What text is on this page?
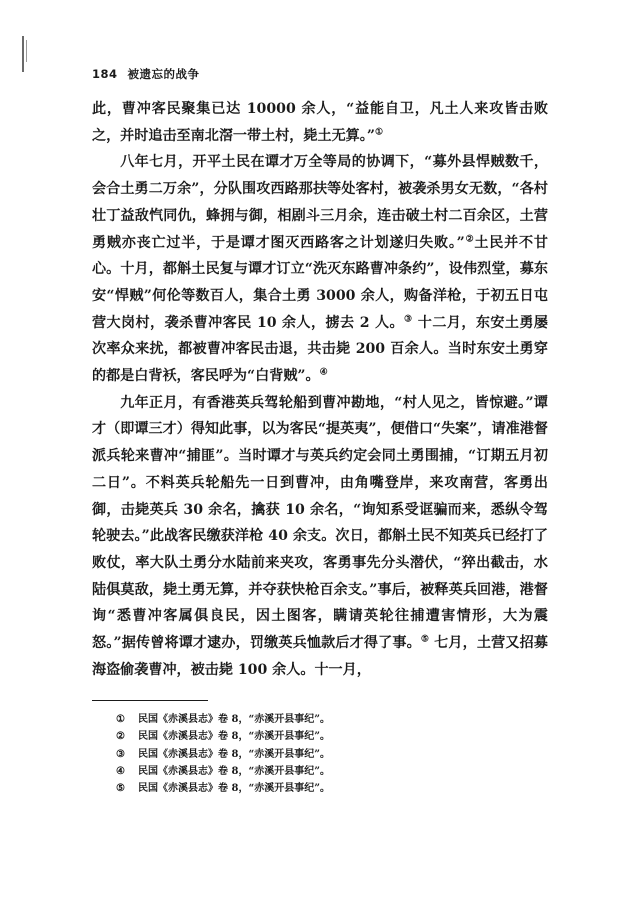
184 被遗忘的战争

此，曹冲客民聚集已达 10000 余人，“益能自卫，凡土人来攻皆击败之，并时追击至南北滘一带土村，毙土无算。”①

八年七月，开平土民在谭才万全等局的协调下，“募外县悍贼数千，会合土勇二万余”，分队围攻西路那扶等处客村，被袭杀男女无数，“各村壮丁益敌忾同仇，蜂拥与御，相剧斗三月余，连击破土村二百余区，土营勇贼亦丧亡过半，于是谭才图灭西路客之计划遂归失败。”②土民并不甘心。十月，都斛土民复与谭才订立“洗灭东路曹冲条约”，设伟烈堂，募东安“悍贼”何伦等数百人，集合土勇 3000 余人，购备洋枪，于初五日屯营大岗村，袭杀曹冲客民 10 余人，掳去 2 人。③ 十二月，东安土勇屡次率众来扰，都被曹冲客民击退，共击毙 200 百余人。当时东安土勇穿的都是白背袄，客民呼为“白背贼”。④

九年正月，有香港英兵驾轮船到曹冲勘地，“村人见之，皆惊避。”谭才（即谭三才）得知此事，以为客民“提英夷”，便借口“失案”，请准港督派兵轮来曹冲“捕匪”。当时谭才与英兵约定会同土勇围捕，“订期五月初二日”。不料英兵轮船先一日到曹冲，由角嘴登岸，来攻南营，客勇出御，击毙英兵 30 余名，擒获 10 余名，“询知系受诓骗而来，悉纵令驾轮驶去。”此战客民缴获洋枪 40 余支。次日，都斛土民不知英兵已经打了败仗，率大队土勇分水陆前来夹攻，客勇事先分头潜伏，“猝出截击，水陆俱莫敌，毙土勇无算，并夺获快枪百余支。”事后，被释英兵回港，港督询“悉曹冲客属俱良民，因土图客，瞒请英轮往捕遭害情形，大为震怒。”据传曾将谭才逮办，罚缴英兵恤款后才得了事。⑤ 七月，土营又招募海盗偷袭曹冲，被击毙 100 余人。十一月，

① 民国《赤溪县志》卷 8，“赤溪开县事纪”。
② 民国《赤溪县志》卷 8，“赤溪开县事纪”。
③ 民国《赤溪县志》卷 8，“赤溪开县事纪”。
④ 民国《赤溪县志》卷 8，“赤溪开县事纪”。
⑤ 民国《赤溪县志》卷 8，“赤溪开县事纪”。
